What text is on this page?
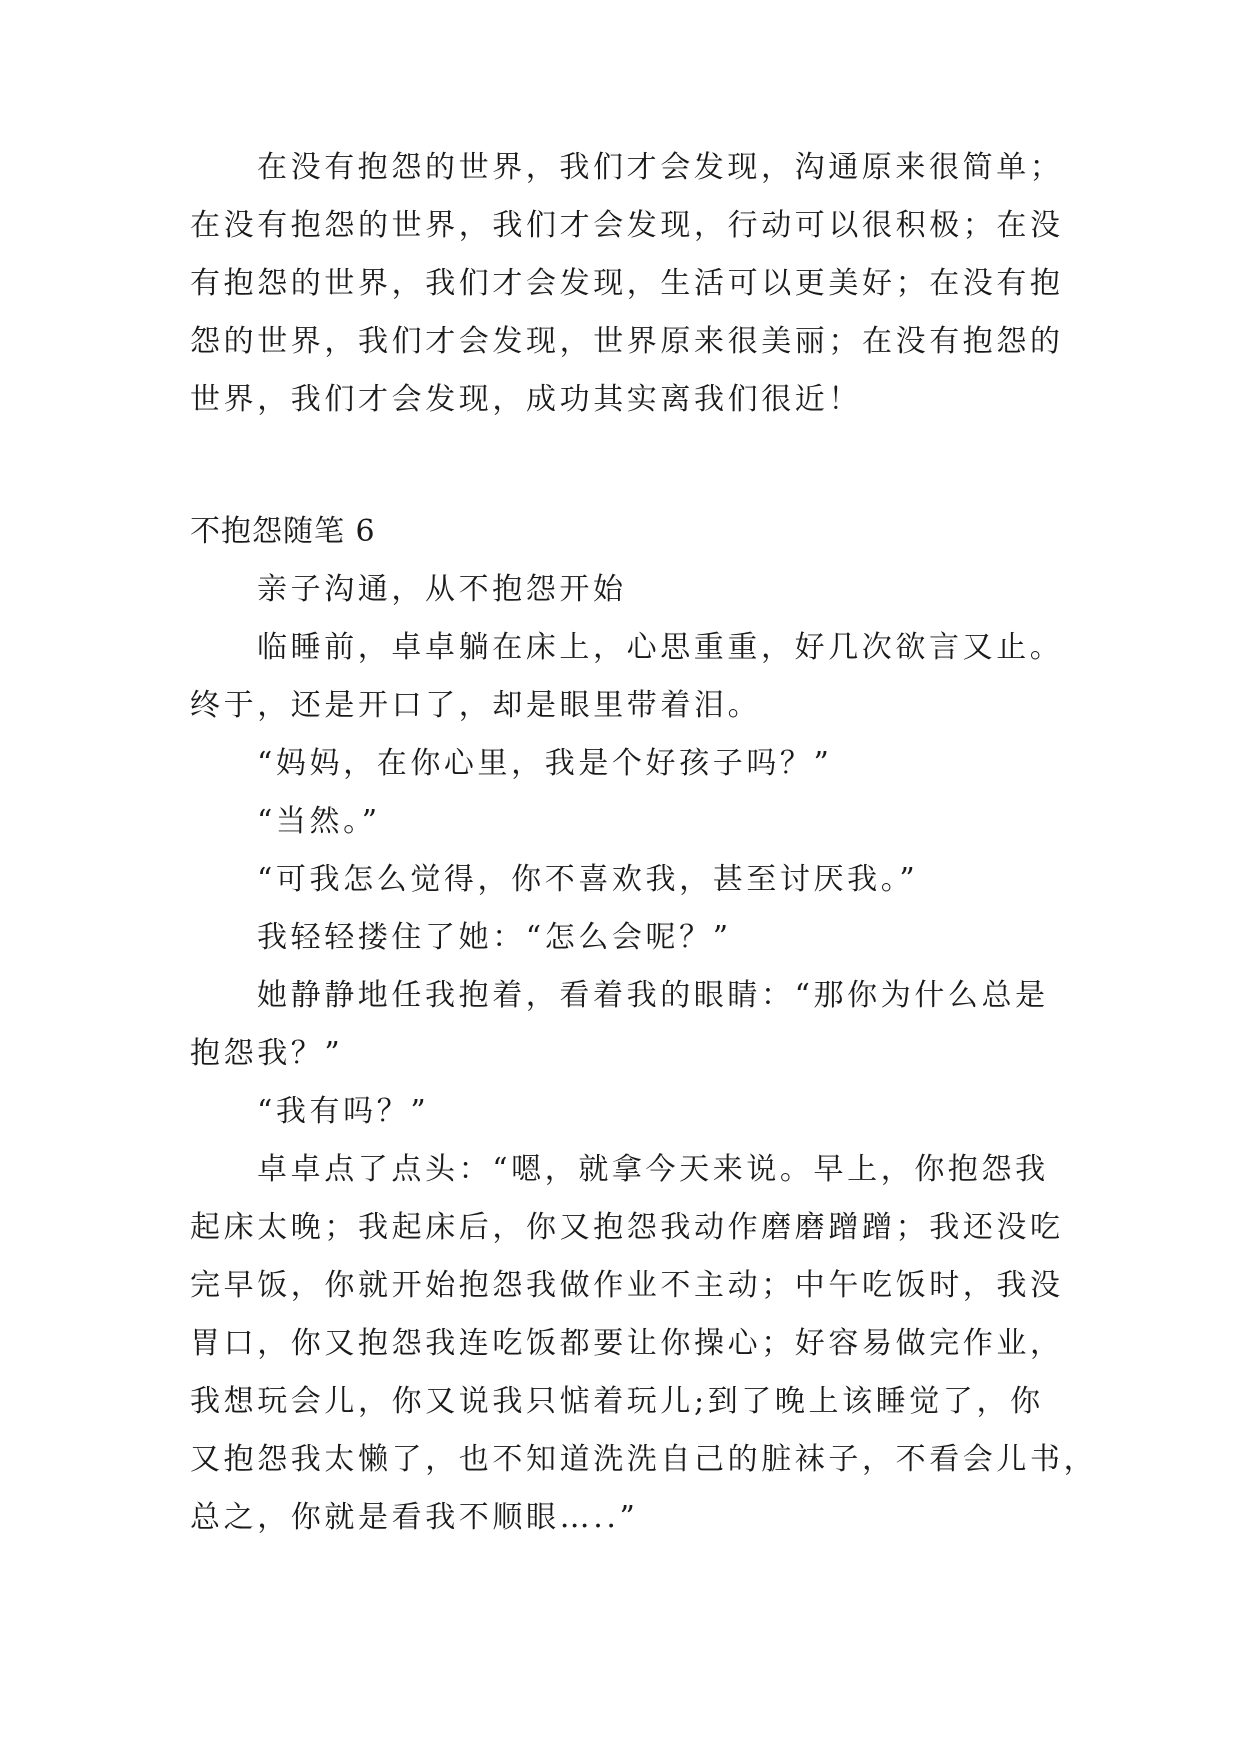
在没有抱怨的世界，我们才会发现，沟通原来很简单；
在没有抱怨的世界，我们才会发现，行动可以很积极；在没
有抱怨的世界，我们才会发现，生活可以更美好；在没有抱
怨的世界，我们才会发现，世界原来很美丽；在没有抱怨的
世界，我们才会发现，成功其实离我们很近！
不抱怨随笔 6
亲子沟通，从不抱怨开始
临睡前，卓卓躺在床上，心思重重，好几次欲言又止。
终于，还是开口了，却是眼里带着泪。
“妈妈，在你心里，我是个好孩子吗？”
“当然。”
“可我怎么觉得，你不喜欢我，甚至讨厌我。”
我轻轻搂住了她：“怎么会呢？”
她静静地任我抱着，看着我的眼睛：“那你为什么总是
抱怨我？”
“我有吗？”
卓卓点了点头：“嗯，就拿今天来说。早上，你抱怨我
起床太晚；我起床后，你又抱怨我动作磨磨蹭蹭；我还没吃
完早饭，你就开始抱怨我做作业不主动；中午吃饭时，我没
胃口，你又抱怨我连吃饭都要让你操心；好容易做完作业，
我想玩会儿，你又说我只惦着玩儿;到了晚上该睡觉了，你
又抱怨我太懒了，也不知道洗洗自己的脏袜子，不看会儿书，
总之，你就是看我不顺眼…..”
